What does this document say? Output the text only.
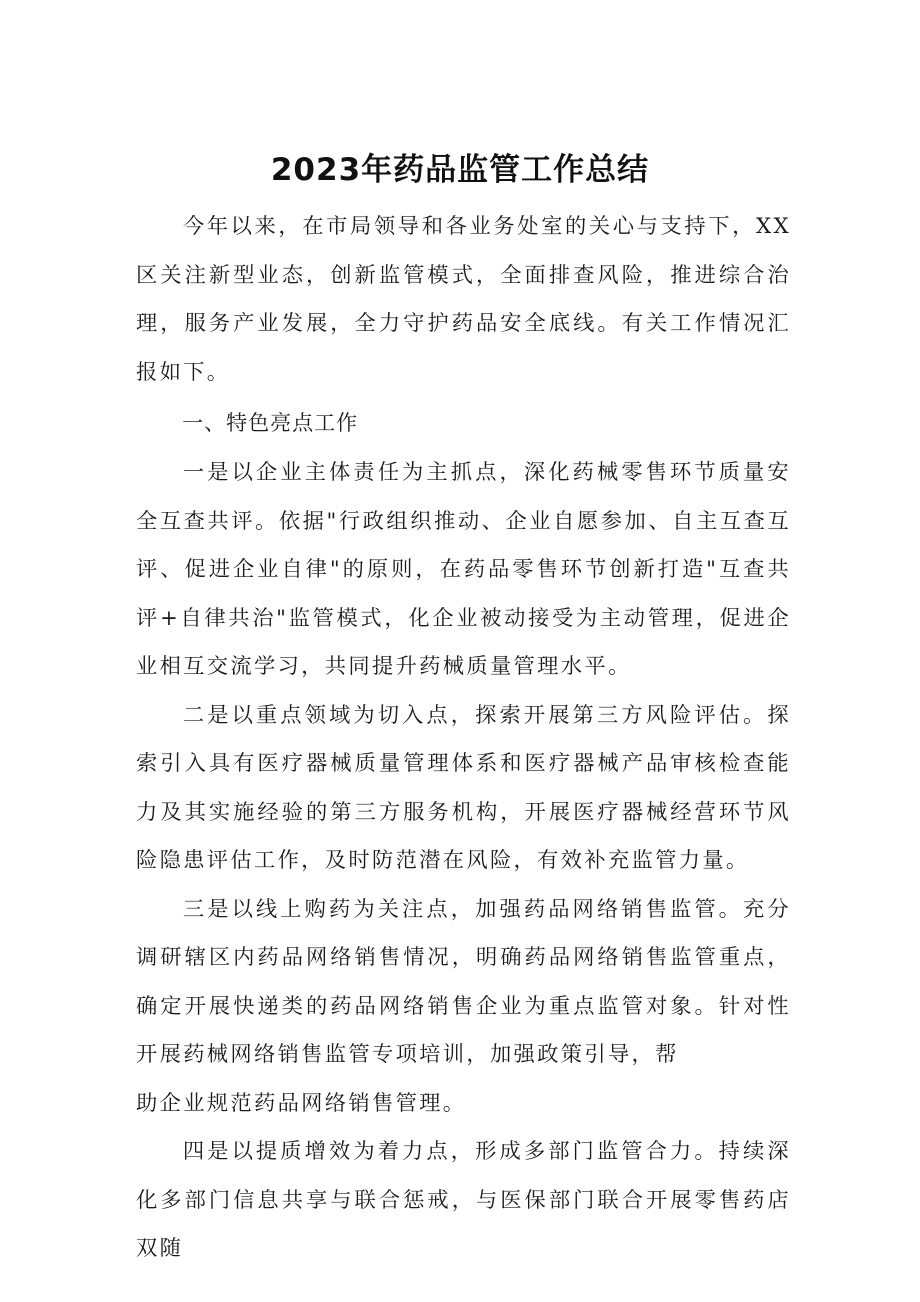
2023年药品监管工作总结

今年以来，在市局领导和各业务处室的关心与支持下，XX区关注新型业态，创新监管模式，全面排查风险，推进综合治理，服务产业发展，全力守护药品安全底线。有关工作情况汇报如下。

一、特色亮点工作

一是以企业主体责任为主抓点，深化药械零售环节质量安全互查共评。依据"行政组织推动、企业自愿参加、自主互查互评、促进企业自律"的原则，在药品零售环节创新打造"互查共评+自律共治"监管模式，化企业被动接受为主动管理，促进企业相互交流学习，共同提升药械质量管理水平。

二是以重点领域为切入点，探索开展第三方风险评估。探索引入具有医疗器械质量管理体系和医疗器械产品审核检查能力及其实施经验的第三方服务机构，开展医疗器械经营环节风险隐患评估工作，及时防范潜在风险，有效补充监管力量。

三是以线上购药为关注点，加强药品网络销售监管。充分调研辖区内药品网络销售情况，明确药品网络销售监管重点，确定开展快递类的药品网络销售企业为重点监管对象。针对性开展药械网络销售监管专项培训，加强政策引导，帮

助企业规范药品网络销售管理。

四是以提质增效为着力点，形成多部门监管合力。持续深化多部门信息共享与联合惩戒，与医保部门联合开展零售药店双随
